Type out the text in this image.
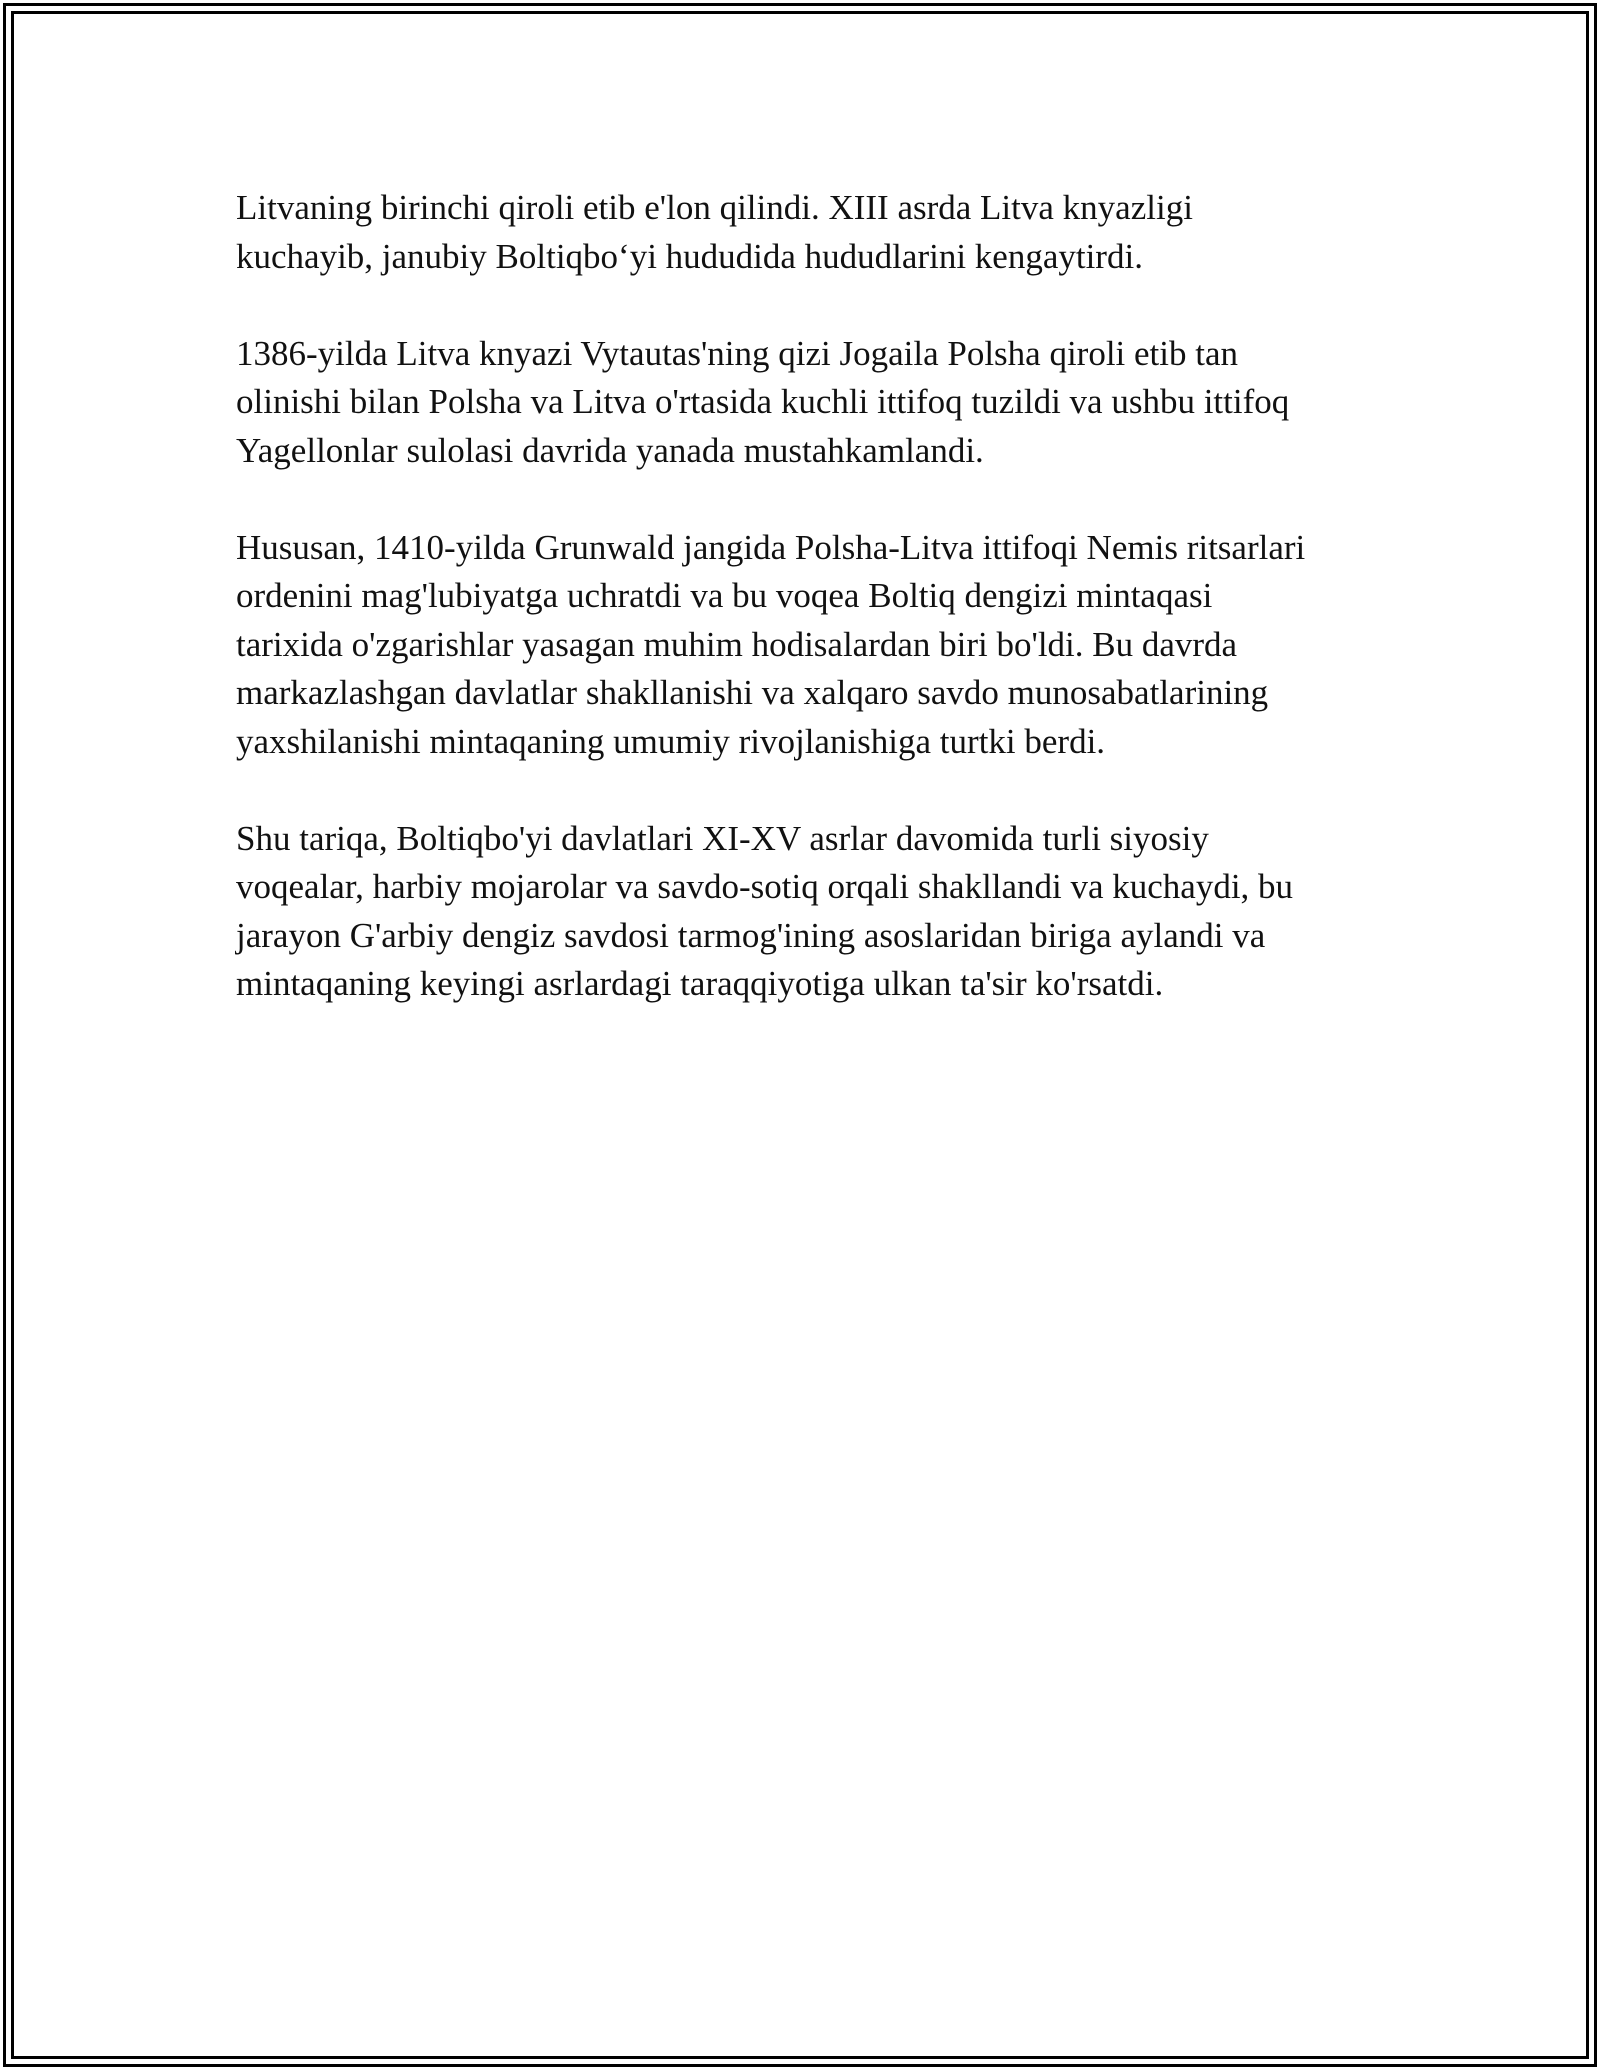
Litvaning birinchi qiroli etib e'lon qilindi. XIII asrda Litva knyazligi
kuchayib, janubiy Boltiqbo‘yi hududida hududlarini kengaytirdi.

1386-yilda Litva knyazi Vytautas'ning qizi Jogaila Polsha qiroli etib tan
olinishi bilan Polsha va Litva o'rtasida kuchli ittifoq tuzildi va ushbu ittifoq
Yagellonlar sulolasi davrida yanada mustahkamlandi.

Hususan, 1410-yilda Grunwald jangida Polsha-Litva ittifoqi Nemis ritsarlari
ordenini mag'lubiyatga uchratdi va bu voqea Boltiq dengizi mintaqasi
tarixida o'zgarishlar yasagan muhim hodisalardan biri bo'ldi. Bu davrda
markazlashgan davlatlar shakllanishi va xalqaro savdo munosabatlarining
yaxshilanishi mintaqaning umumiy rivojlanishiga turtki berdi.

Shu tariqa, Boltiqbo'yi davlatlari XI-XV asrlar davomida turli siyosiy
voqealar, harbiy mojarolar va savdo-sotiq orqali shakllandi va kuchaydi, bu
jarayon G'arbiy dengiz savdosi tarmog'ining asoslaridan biriga aylandi va
mintaqaning keyingi asrlardagi taraqqiyotiga ulkan ta'sir ko'rsatdi.
